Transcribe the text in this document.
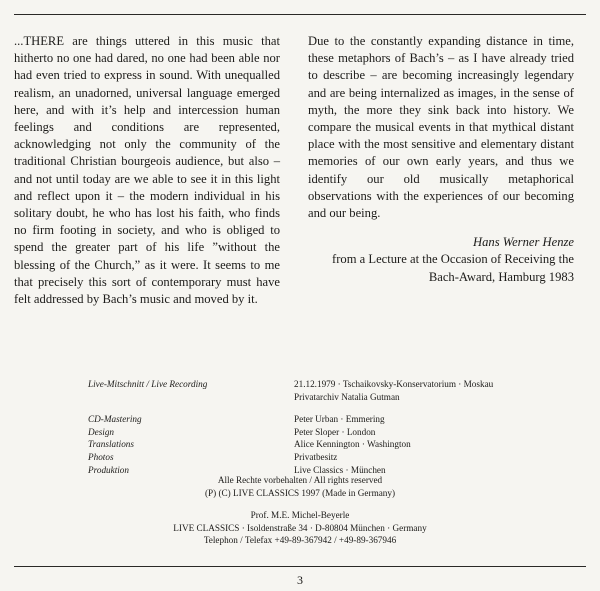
...THERE are things uttered in this music that hitherto no one had dared, no one had been able nor had even tried to express in sound. With unequalled realism, an unadorned, universal language emerged here, and with it’s help and intercession human feelings and conditions are represented, acknowledging not only the community of the traditional Christian bourgeois audience, but also – and not until today are we able to see it in this light and reflect upon it – the modern individual in his solitary doubt, he who has lost his faith, who finds no firm footing in society, and who is obliged to spend the greater part of his life ”without the blessing of the Church,” as it were. It seems to me that precisely this sort of contemporary must have felt addressed by Bach’s music and moved by it.

Due to the constantly expanding distance in time, these metaphors of Bach’s – as I have already tried to describe – are becoming increasingly legendary and are being internalized as images, in the sense of myth, the more they sink back into history. We compare the musical events in that mythical distant place with the most sensitive and elementary distant memories of our own early years, and thus we identify our old musically metaphorical observations with the experiences of our becoming and our being.

Hans Werner Henze
from a Lecture at the Occasion of Receiving the
Bach-Award, Hamburg 1983
Live-Mitschnitt / Live Recording	21.12.1979 · Tschaikovsky-Konservatorium · Moskau
Privatarchiv Natalia Gutman
CD-Mastering	Peter Urban · Emmering
Design	Peter Sloper · London
Translations	Alice Kennington · Washington
Photos	Privatbesitz
Produktion	Live Classics · München
Alle Rechte vorbehalten / All rights reserved
(P) (C) LIVE CLASSICS 1997 (Made in Germany)
Prof. M.E. Michel-Beyerle
LIVE CLASSICS · Isoldenstraße 34 · D-80804 München · Germany
Telephon / Telefax +49-89-367942 / +49-89-367946
3
